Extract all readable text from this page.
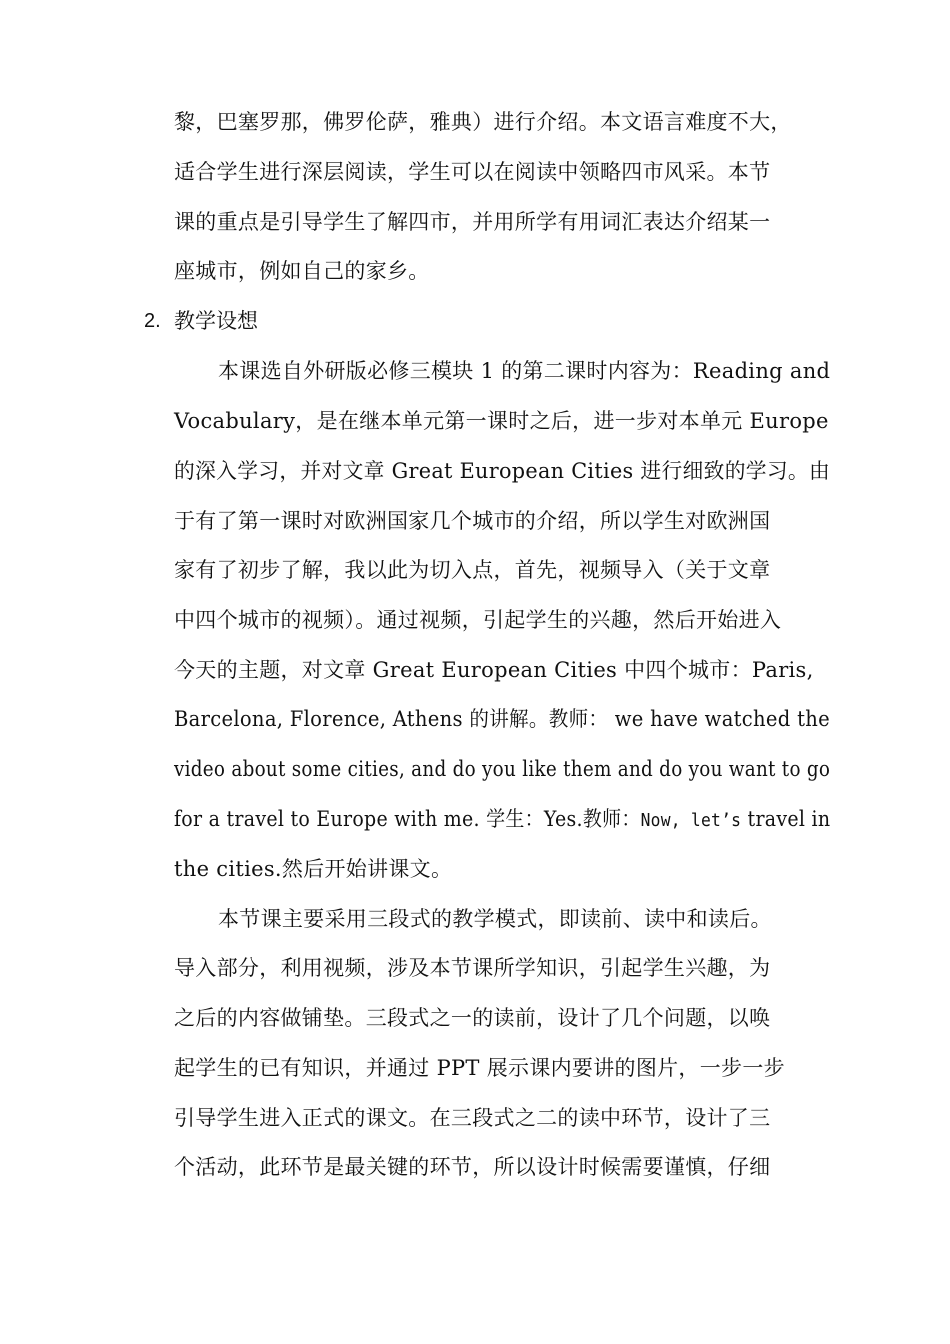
黎，巴塞罗那，佛罗伦萨，雅典）进行介绍。本文语言难度不大，
适合学生进行深层阅读，学生可以在阅读中领略四市风采。本节
课的重点是引导学生了解四市，并用所学有用词汇表达介绍某一
座城市，例如自己的家乡。
2. 教学设想
本课选自外研版必修三模块 1 的第二课时内容为：Reading and
Vocabulary，是在继本单元第一课时之后，进一步对本单元 Europe
的深入学习，并对文章 Great European Cities 进行细致的学习。由
于有了第一课时对欧洲国家几个城市的介绍，所以学生对欧洲国
家有了初步了解，我以此为切入点，首先，视频导入（关于文章
中四个城市的视频）。通过视频，引起学生的兴趣，然后开始进入
今天的主题，对文章 Great European Cities 中四个城市：Paris,
Barcelona, Florence, Athens 的讲解。教师： we have watched the
video about some cities, and do you like them and do you want to go
for a travel to Europe with me. 学生：Yes.教师：Now, let’s travel in
the cities.然后开始讲课文。
本节课主要采用三段式的教学模式，即读前、读中和读后。
导入部分，利用视频，涉及本节课所学知识，引起学生兴趣，为
之后的内容做铺垫。三段式之一的读前，设计了几个问题，以唤
起学生的已有知识，并通过 PPT 展示课内要讲的图片，一步一步
引导学生进入正式的课文。在三段式之二的读中环节，设计了三
个活动，此环节是最关键的环节，所以设计时候需要谨慎，仔细
